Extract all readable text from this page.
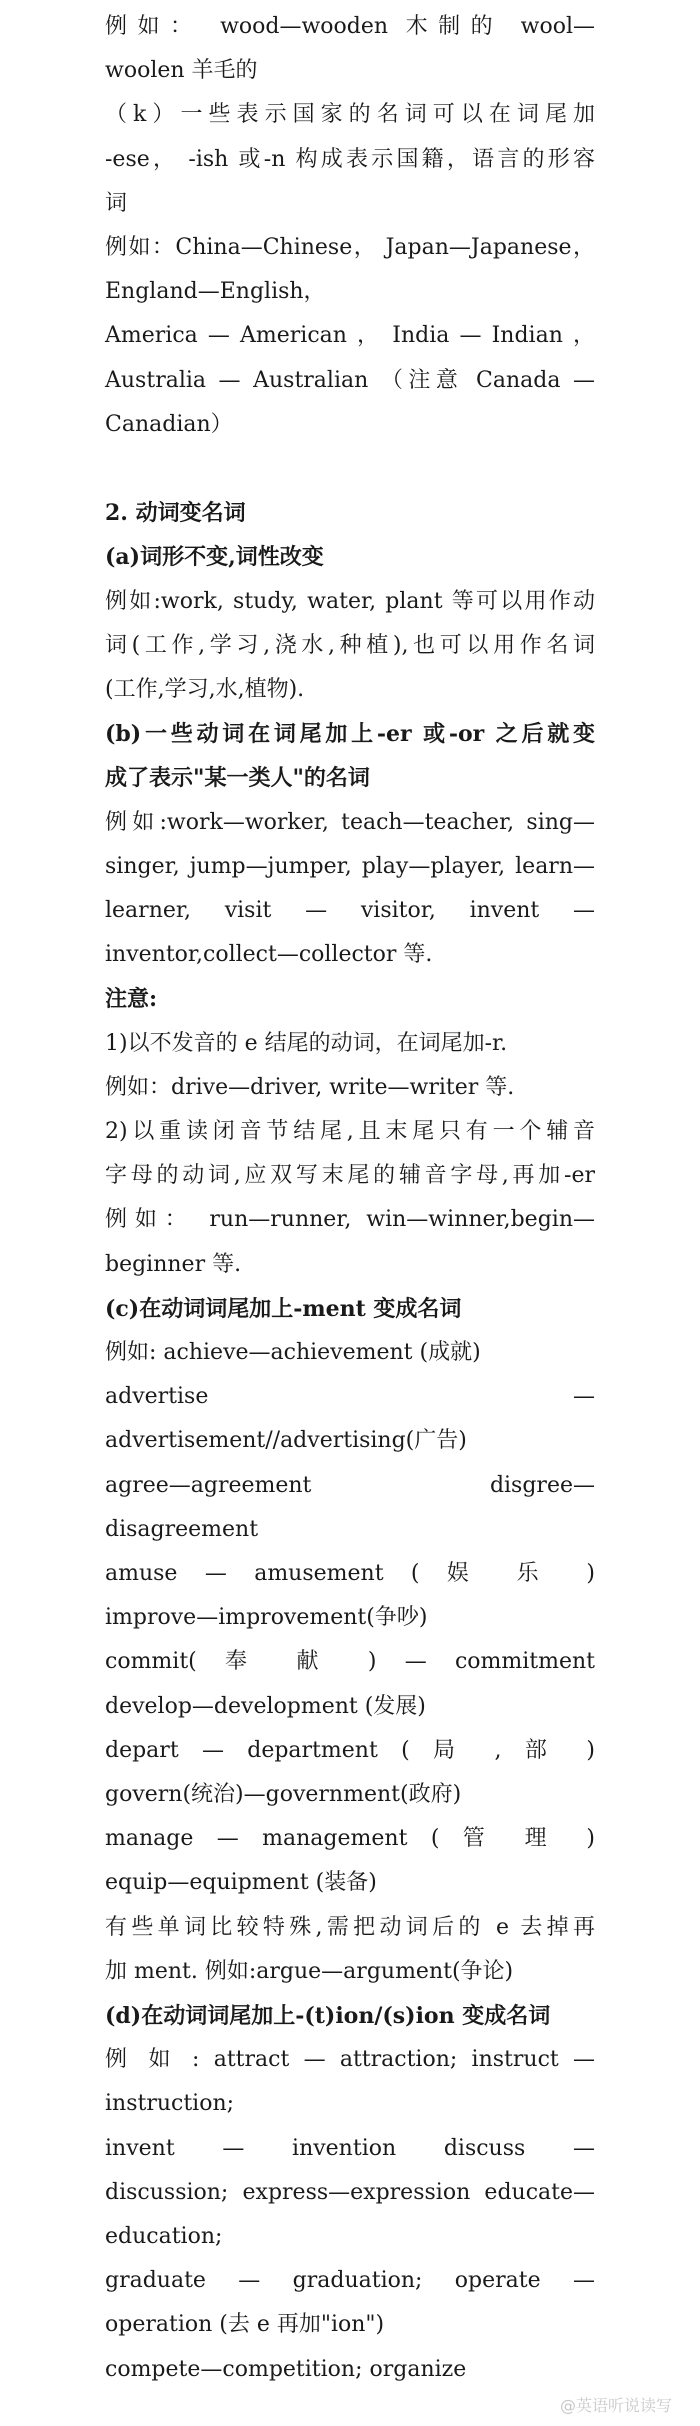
例如： wood—wooden 木制的 wool—
woolen 羊毛的
（k）一些表示国家的名词可以在词尾加
-ese， -ish 或-n 构成表示国籍，语言的形容
词
例如：China—Chinese， Japan—Japanese，
England—English，
America — American ， India — Indian ，
Australia — Australian （注意 Canada —
Canadian）
2. 动词变名词
(a)词形不变,词性改变
例如:work, study, water, plant 等可以用作动
词(工作,学习,浇水,种植),也可以用作名词
(工作,学习,水,植物).
(b)一些动词在词尾加上-er 或-or 之后就变
成了表示"某一类人"的名词
例如:work—worker, teach—teacher, sing—
singer, jump—jumper, play—player, learn—
learner, visit — visitor, invent —
inventor,collect—collector 等.
注意:
1)以不发音的 e 结尾的动词，在词尾加-r.
例如：drive—driver, write—writer 等.
2)以重读闭音节结尾,且末尾只有一个辅音
字母的动词,应双写末尾的辅音字母,再加-er
例如： run—runner, win—winner,begin—
beginner 等.
(c)在动词词尾加上-ment 变成名词
例如: achieve—achievement (成就)
advertise —
advertisement//advertising(广告)
agree—agreement disgree—
disagreement
amuse — amusement ( 娱 乐 )
improve—improvement(争吵)
commit( 奉 献 ) — commitment
develop—development (发展)
depart — department ( 局 , 部 )
govern(统治)—government(政府)
manage — management ( 管 理 )
equip—equipment (装备)
有些单词比较特殊,需把动词后的 e 去掉再
加 ment. 例如:argue—argument(争论)
(d)在动词词尾加上-(t)ion/(s)ion 变成名词
例 如 : attract — attraction; instruct —
instruction;
invent — invention discuss —
discussion; express—expression educate—
education;
graduate — graduation; operate —
operation (去 e 再加"ion")
compete—competition; organize
@英语听说读写
